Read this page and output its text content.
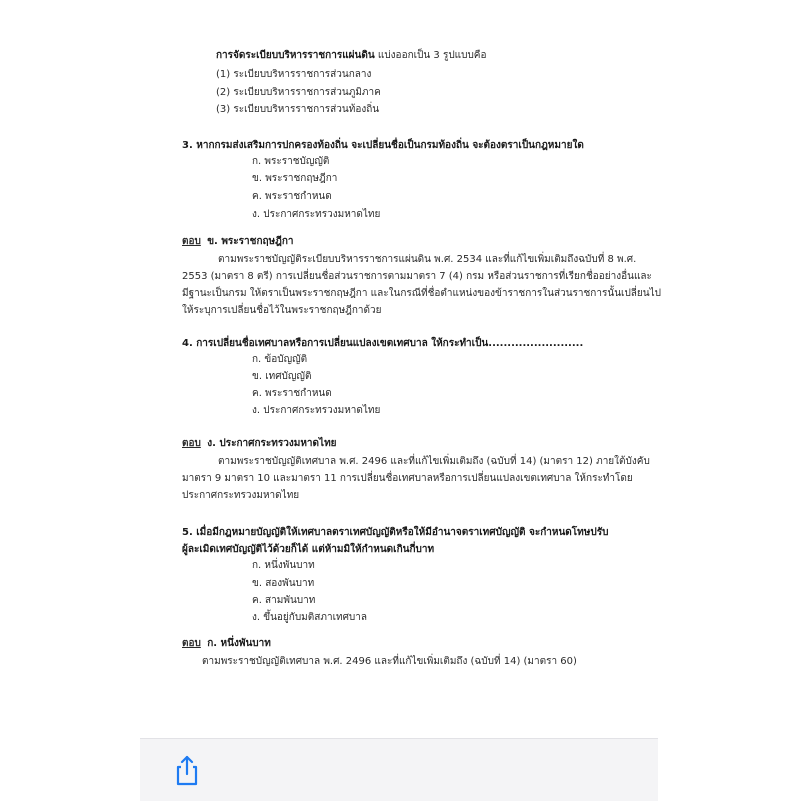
การจัดระเบียบบริหารราชการแผ่นดิน แบ่งออกเป็น 3 รูปแบบคือ
(1) ระเบียบบริหารราชการส่วนกลาง
(2) ระเบียบบริหารราชการส่วนภูมิภาค
(3) ระเบียบบริหารราชการส่วนท้องถิ่น
3. หากกรมส่งเสริมการปกครองท้องถิ่น จะเปลี่ยนชื่อเป็นกรมท้องถิ่น จะต้องตราเป็นกฎหมายใด
ก. พระราชบัญญัติ
ข. พระราชกฤษฎีกา
ค. พระราชกำหนด
ง. ประกาศกระทรวงมหาดไทย
ตอบ ข. พระราชกฤษฎีกา
ตามพระราชบัญญัติระเบียบบริหารราชการแผ่นดิน พ.ศ. 2534 และที่แก้ไขเพิ่มเติมถึงฉบับที่ 8 พ.ศ.
2553 (มาตรา 8 ตรี) การเปลี่ยนชื่อส่วนราชการตามมาตรา 7 (4) กรม หรือส่วนราชการที่เรียกชื่ออย่างอื่นและ
มีฐานะเป็นกรม ให้ตราเป็นพระราชกฤษฎีกา และในกรณีที่ชื่อตำแหน่งของข้าราชการในส่วนราชการนั้นเปลี่ยนไป
ให้ระบุการเปลี่ยนชื่อไว้ในพระราชกฤษฎีกาด้วย
4. การเปลี่ยนชื่อเทศบาลหรือการเปลี่ยนแปลงเขตเทศบาล ให้กระทำเป็น.........................
ก. ข้อบัญญัติ
ข. เทศบัญญัติ
ค. พระราชกำหนด
ง. ประกาศกระทรวงมหาดไทย
ตอบ ง. ประกาศกระทรวงมหาดไทย
ตามพระราชบัญญัติเทศบาล พ.ศ. 2496 และที่แก้ไขเพิ่มเติมถึง (ฉบับที่ 14) (มาตรา 12) ภายใต้บังคับ
มาตรา 9 มาตรา 10 และมาตรา 11 การเปลี่ยนชื่อเทศบาลหรือการเปลี่ยนแปลงเขตเทศบาล ให้กระทำโดย
ประกาศกระทรวงมหาดไทย
5. เมื่อมีกฎหมายบัญญัติให้เทศบาลตราเทศบัญญัติหรือให้มีอำนาจตราเทศบัญญัติ จะกำหนดโทษปรับ
ผู้ละเมิดเทศบัญญัติไว้ด้วยก็ได้ แต่ห้ามมิให้กำหนดเกินกี่บาท
ก. หนึ่งพันบาท
ข. สองพันบาท
ค. สามพันบาท
ง. ขึ้นอยู่กับมติสภาเทศบาล
ตอบ ก. หนึ่งพันบาท
ตามพระราชบัญญัติเทศบาล พ.ศ. 2496 และที่แก้ไขเพิ่มเติมถึง (ฉบับที่ 14) (มาตรา 60)
